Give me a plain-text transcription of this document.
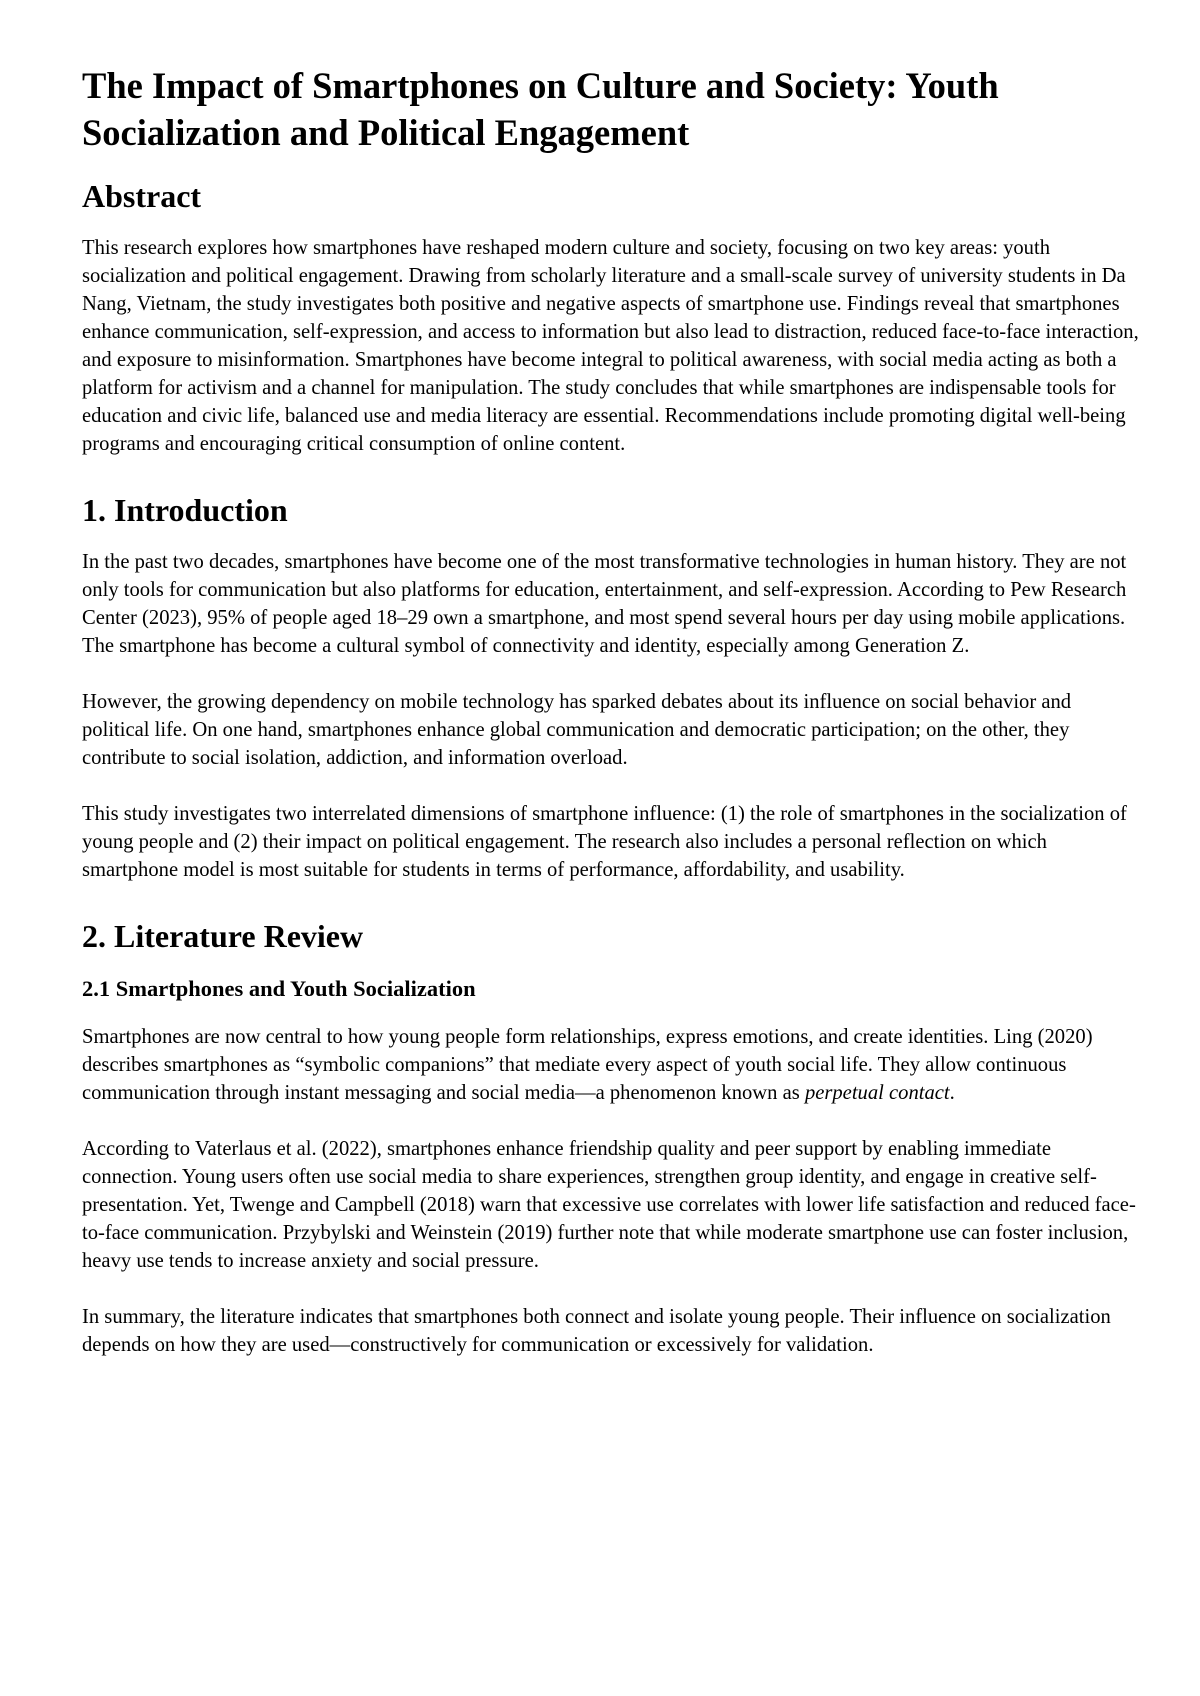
The Impact of Smartphones on Culture and Society: Youth Socialization and Political Engagement
Abstract

This research explores how smartphones have reshaped modern culture and society, focusing on two key areas: youth socialization and political engagement. Drawing from scholarly literature and a small-scale survey of university students in Da Nang, Vietnam, the study investigates both positive and negative aspects of smartphone use. Findings reveal that smartphones enhance communication, self-expression, and access to information but also lead to distraction, reduced face-to-face interaction, and exposure to misinformation. Smartphones have become integral to political awareness, with social media acting as both a platform for activism and a channel for manipulation. The study concludes that while smartphones are indispensable tools for education and civic life, balanced use and media literacy are essential. Recommendations include promoting digital well-being programs and encouraging critical consumption of online content.

1. Introduction

In the past two decades, smartphones have become one of the most transformative technologies in human history. They are not only tools for communication but also platforms for education, entertainment, and self-expression. According to Pew Research Center (2023), 95% of people aged 18–29 own a smartphone, and most spend several hours per day using mobile applications. The smartphone has become a cultural symbol of connectivity and identity, especially among Generation Z.

However, the growing dependency on mobile technology has sparked debates about its influence on social behavior and political life. On one hand, smartphones enhance global communication and democratic participation; on the other, they contribute to social isolation, addiction, and information overload.

This study investigates two interrelated dimensions of smartphone influence: (1) the role of smartphones in the socialization of young people and (2) their impact on political engagement. The research also includes a personal reflection on which smartphone model is most suitable for students in terms of performance, affordability, and usability.

2. Literature Review
2.1 Smartphones and Youth Socialization

Smartphones are now central to how young people form relationships, express emotions, and create identities. Ling (2020) describes smartphones as “symbolic companions” that mediate every aspect of youth social life. They allow continuous communication through instant messaging and social media—a phenomenon known as perpetual contact.

According to Vaterlaus et al. (2022), smartphones enhance friendship quality and peer support by enabling immediate connection. Young users often use social media to share experiences, strengthen group identity, and engage in creative self-presentation. Yet, Twenge and Campbell (2018) warn that excessive use correlates with lower life satisfaction and reduced face-to-face communication. Przybylski and Weinstein (2019) further note that while moderate smartphone use can foster inclusion, heavy use tends to increase anxiety and social pressure.

In summary, the literature indicates that smartphones both connect and isolate young people. Their influence on socialization depends on how they are used—constructively for communication or excessively for validation.
